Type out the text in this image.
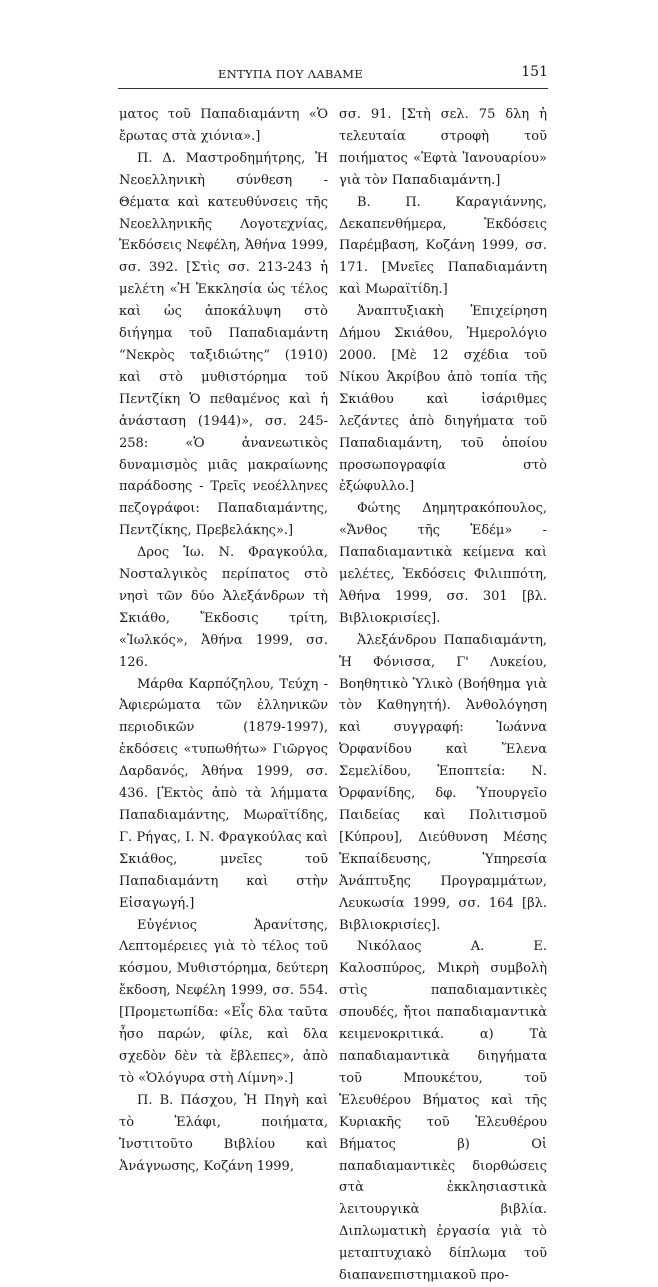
ΕΝΤΥΠΑ ΠΟΥ ΛΑΒΑΜΕ	151

ματος τοῦ Παπαδιαμάντη «Ὁ ἔρωτας στὰ χιόνια».]

Π. Δ. Μαστροδημήτρης, Ἡ Νεοελληνικὴ σύνθεση - Θέματα καὶ κατευθύνσεις τῆς Νεοελληνικῆς Λογοτεχνίας, Ἐκδόσεις Νεφέλη, Ἀθήνα 1999, σσ. 392. [Στὶς σσ. 213-243 ἡ μελέτη «Ἡ Ἐκκλησία ὡς τέλος καὶ ὡς ἀποκάλυψη στὸ διήγημα τοῦ Παπαδιαμάντη “Νεκρὸς ταξιδιώτης” (1910) καὶ στὸ μυθιστόρημα τοῦ Πεντζίκη Ὁ πεθαμένος καὶ ἡ ἀνάσταση (1944)», σσ. 245-258: «Ὁ ἀνανεωτικὸς δυναμισμὸς μιᾶς μακραίωνης παράδοσης - Τρεῖς νεοέλληνες πεζογράφοι: Παπαδιαμάντης, Πεντζίκης, Πρεβελάκης».]

Δρος Ἰω. Ν. Φραγκούλα, Νοσταλγικὸς περίπατος στὸ νησὶ τῶν δύο Ἀλεξάνδρων τὴ Σκιάθο, Ἔκδοσις τρίτη, «Ἰωλκός», Ἀθήνα 1999, σσ. 126.

Μάρθα Καρπόζηλου, Τεύχη - Ἀφιερώματα τῶν ἑλληνικῶν περιοδικῶν (1879-1997), ἐκδόσεις «τυπωθήτω» Γιῶργος Δαρδανός, Ἀθήνα 1999, σσ. 436. [Ἐκτὸς ἀπὸ τὰ λήμματα Παπαδιαμάντης, Μωραϊτίδης, Γ. Ρήγας, Ι. Ν. Φραγκούλας καὶ Σκιάθος, μνεῖες τοῦ Παπαδιαμάντη καὶ στὴν Εἰσαγωγή.]

Εὐγένιος Ἀρανίτσης, Λεπτομέρειες γιὰ τὸ τέλος τοῦ κόσμου, Μυθιστόρημα, δεύτερη ἔκδοση, Νεφέλη 1999, σσ. 554. [Προμετωπίδα: «Εἶς δλα ταῦτα ἦσο παρών, φίλε, καὶ δλα σχεδὸν δὲν τὰ ἔβλεπες», ἀπὸ τὸ «Ὁλόγυρα στὴ Λίμνη».]

Π. Β. Πάσχου, Ἡ Πηγὴ καὶ τὸ Ἐλάφι, ποιήματα, Ἰνστιτοῦτο Βιβλίου καὶ Ἀνάγνωσης, Κοζάνη 1999,

σσ. 91. [Στὴ σελ. 75 δλη ἡ τελευταία στροφὴ τοῦ ποιήματος «Ἐφτὰ Ἰανουαρίου» γιὰ τὸν Παπαδιαμάντη.]

Β. Π. Καραγιάννης, Δεκαπενθήμερα, Ἐκδόσεις Παρέμβαση, Κοζάνη 1999, σσ. 171. [Μνεῖες Παπαδιαμάντη καὶ Μωραϊτίδη.]

Ἀναπτυξιακὴ Ἐπιχείρηση Δήμου Σκιάθου, Ἡμερολόγιο 2000. [Μὲ 12 σχέδια τοῦ Νίκου Ἀκρίβου ἀπὸ τοπία τῆς Σκιάθου καὶ ἰσάριθμες λεζάντες ἀπὸ διηγήματα τοῦ Παπαδιαμάντη, τοῦ ὁποίου προσωπογραφία στὸ ἐξώφυλλο.]

Φώτης Δημητρακόπουλος, «Ἄνθος τῆς Ἐδέμ» - Παπαδιαμαντικὰ κείμενα καὶ μελέτες, Ἐκδόσεις Φιλιππότη, Ἀθήνα 1999, σσ. 301 [βλ. Βιβλιοκρισίες].

Ἀλεξάνδρου Παπαδιαμάντη, Ἡ Φόνισσα, Γ' Λυκείου, Βοηθητικὸ Ὑλικὸ (Βοήθημα γιὰ τὸν Καθηγητή). Ἀνθολόγηση καὶ συγγραφή: Ἰωάννα Ὀρφανίδου καὶ Ἕλενα Σεμελίδου, Ἐποπτεία: Ν. Ὀρφανίδης, δφ. Ὑπουργεῖο Παιδείας καὶ Πολιτισμοῦ [Κύπρου], Διεύθυνση Μέσης Ἐκπαίδευσης, Ὑπηρεσία Ἀνάπτυξης Προγραμμάτων, Λευκωσία 1999, σσ. 164 [βλ. Βιβλιοκρισίες].

Νικόλαος Α. Ε. Καλοσπύρος, Μικρὴ συμβολὴ στὶς παπαδιαμαντικὲς σπουδές, ἤτοι παπαδιαμαντικὰ κειμενοκριτικά. α) Τὰ παπαδιαμαντικὰ διηγήματα τοῦ Μπουκέτου, τοῦ Ἐλευθέρου Βήματος καὶ τῆς Κυριακῆς τοῦ Ἐλευθέρου Βήματος β) Οἱ παπαδιαμαντικὲς διορθώσεις στὰ ἐκκλησιαστικὰ λειτουργικὰ βιβλία. Διπλωματικὴ ἐργασία γιὰ τὸ μεταπτυχιακὸ δίπλωμα τοῦ διαπανεπιστημιακοῦ προ-
